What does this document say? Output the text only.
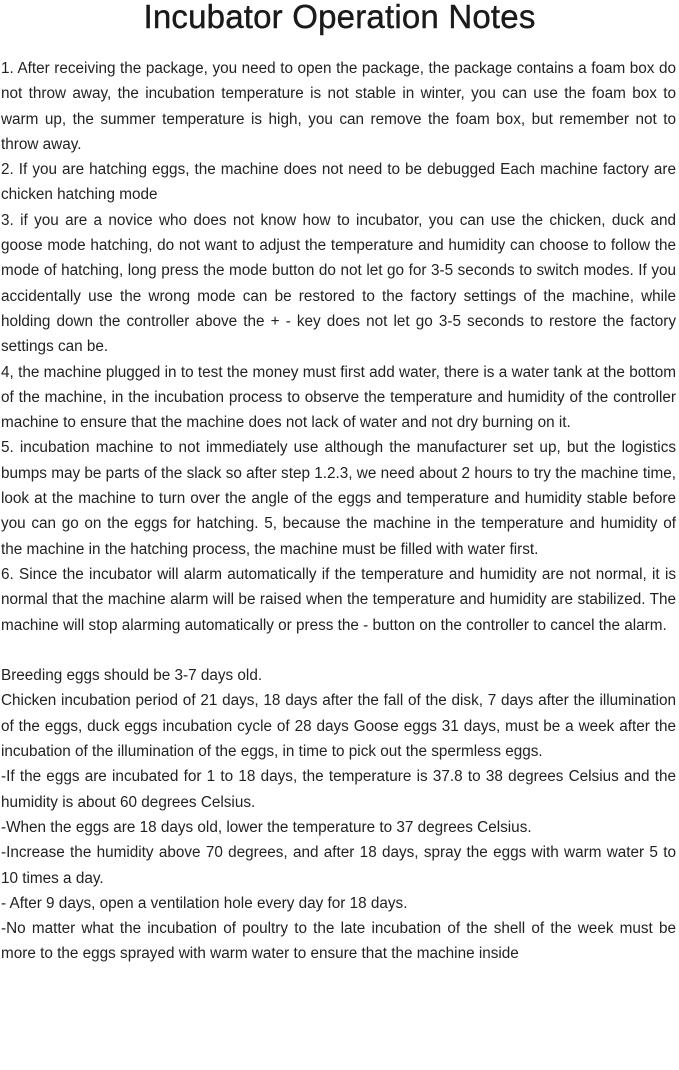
Incubator Operation Notes

1. After receiving the package, you need to open the package, the package contains a foam box do not throw away, the incubation temperature is not stable in winter, you can use the foam box to warm up, the summer temperature is high, you can remove the foam box, but remember not to throw away.

2. If you are hatching eggs, the machine does not need to be debugged Each machine factory are chicken hatching mode

3. if you are a novice who does not know how to incubator, you can use the chicken, duck and goose mode hatching, do not want to adjust the temperature and humidity can choose to follow the mode of hatching, long press the mode button do not let go for 3-5 seconds to switch modes. If you accidentally use the wrong mode can be restored to the factory settings of the machine, while holding down the controller above the + - key does not let go 3-5 seconds to restore the factory settings can be.

4, the machine plugged in to test the money must first add water, there is a water tank at the bottom of the machine, in the incubation process to observe the temperature and humidity of the controller machine to ensure that the machine does not lack of water and not dry burning on it.

5. incubation machine to not immediately use although the manufacturer set up, but the logistics bumps may be parts of the slack so after step 1.2.3, we need about 2 hours to try the machine time, look at the machine to turn over the angle of the eggs and temperature and humidity stable before you can go on the eggs for hatching. 5, because the machine in the temperature and humidity of the machine in the hatching process, the machine must be filled with water first.

6. Since the incubator will alarm automatically if the temperature and humidity are not normal, it is normal that the machine alarm will be raised when the temperature and humidity are stabilized. The machine will stop alarming automatically or press the - button on the controller to cancel the alarm.

Breeding eggs should be 3-7 days old.

Chicken incubation period of 21 days, 18 days after the fall of the disk, 7 days after the illumination of the eggs, duck eggs incubation cycle of 28 days Goose eggs 31 days, must be a week after the incubation of the illumination of the eggs, in time to pick out the spermless eggs.

-If the eggs are incubated for 1 to 18 days, the temperature is 37.8 to 38 degrees Celsius and the humidity is about 60 degrees Celsius.

-When the eggs are 18 days old, lower the temperature to 37 degrees Celsius.

-Increase the humidity above 70 degrees, and after 18 days, spray the eggs with warm water 5 to 10 times a day.

- After 9 days, open a ventilation hole every day for 18 days.

-No matter what the incubation of poultry to the late incubation of the shell of the week must be more to the eggs sprayed with warm water to ensure that the machine inside
